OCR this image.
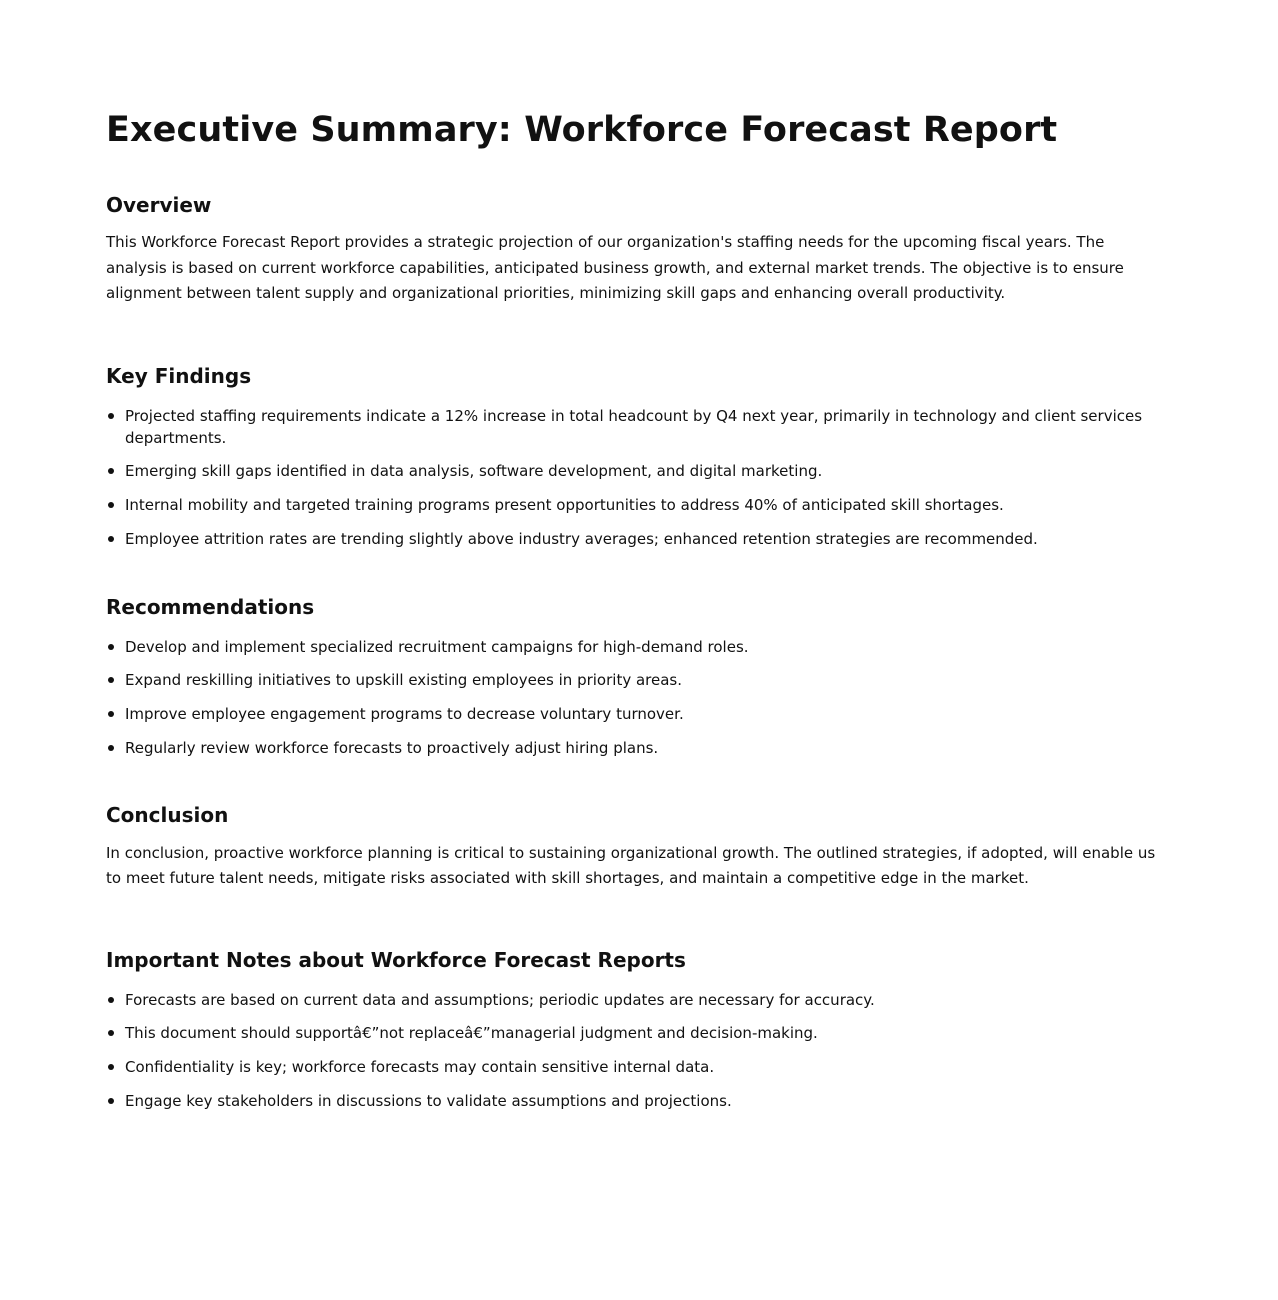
Executive Summary: Workforce Forecast Report
Overview

This Workforce Forecast Report provides a strategic projection of our organization's staffing needs for the upcoming fiscal years. The analysis is based on current workforce capabilities, anticipated business growth, and external market trends. The objective is to ensure alignment between talent supply and organizational priorities, minimizing skill gaps and enhancing overall productivity.

Key Findings
Projected staffing requirements indicate a 12% increase in total headcount by Q4 next year, primarily in technology and client services departments.
Emerging skill gaps identified in data analysis, software development, and digital marketing.
Internal mobility and targeted training programs present opportunities to address 40% of anticipated skill shortages.
Employee attrition rates are trending slightly above industry averages; enhanced retention strategies are recommended.
Recommendations
Develop and implement specialized recruitment campaigns for high-demand roles.
Expand reskilling initiatives to upskill existing employees in priority areas.
Improve employee engagement programs to decrease voluntary turnover.
Regularly review workforce forecasts to proactively adjust hiring plans.
Conclusion

In conclusion, proactive workforce planning is critical to sustaining organizational growth. The outlined strategies, if adopted, will enable us to meet future talent needs, mitigate risks associated with skill shortages, and maintain a competitive edge in the market.

Important Notes about Workforce Forecast Reports
Forecasts are based on current data and assumptions; periodic updates are necessary for accuracy.
This document should supportâ€”not replaceâ€”managerial judgment and decision-making.
Confidentiality is key; workforce forecasts may contain sensitive internal data.
Engage key stakeholders in discussions to validate assumptions and projections.
